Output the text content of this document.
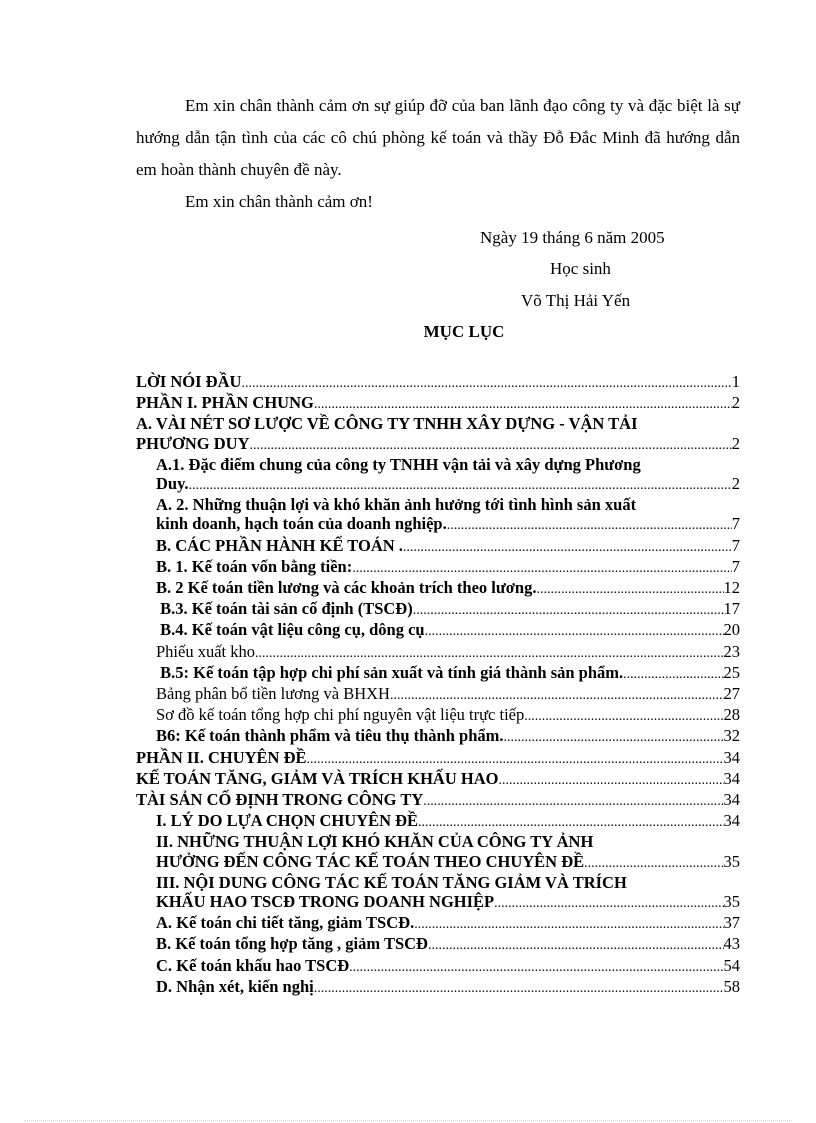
Em xin chân thành cảm ơn sự giúp đỡ của ban lãnh đạo công ty và đặc biệt là sự hướng dẫn tận tình của các cô chú phòng kế toán và thầy Đỗ Đắc Minh đã hướng dẫn em hoàn thành chuyên đề này.

Em xin chân thành cảm ơn!

Ngày 19 tháng 6 năm 2005
Học sinh
Võ Thị Hải Yến
MỤC LỤC
LỜI NÓI ĐẦU .....	1
PHẦN I. PHẦN CHUNG .....	2
A. VÀI NÉT SƠ LƯỢC VỀ CÔNG TY TNHH XÂY DỰNG - VẬN TẢI
PHƯƠNG DUY .....	2
A.1. Đặc điểm chung của công ty TNHH vận tải và xây dựng Phương
Duy. .....	2
A. 2. Những thuận lợi và khó khăn ảnh hưởng tới tình hình sản xuất
kinh doanh, hạch toán của doanh nghiệp. .....	7
B. CÁC PHẦN HÀNH KẾ TOÁN . .....	7
B. 1. Kế toán vốn bằng tiền: .....	7
B. 2 Kế toán tiền lương và các khoản trích theo lương. .....	12
B.3. Kế toán tài sản cố định (TSCĐ) .....	17
B.4. Kế toán vật liệu công cụ, dông cụ .....	20
Phiếu xuất kho .....	23
B.5: Kế toán tập hợp chi phí sản xuất và tính giá thành sản phẩm. .....	25
Bảng phân bổ tiền lương và BHXH .....	27
Sơ đồ kế toán tổng hợp chi phí nguyên vật liệu trực tiếp .....	28
B6: Kế toán thành phẩm và tiêu thụ thành phẩm. .....	32
PHẦN II. CHUYÊN ĐỀ .....	34
KẾ TOÁN TĂNG, GIẢM VÀ TRÍCH KHẤU HAO .....	34
TÀI SẢN CỐ ĐỊNH TRONG CÔNG TY .....	34
I. LÝ DO LỰA CHỌN CHUYÊN ĐỀ .....	34
II. NHỮNG THUẬN LỢI KHÓ KHĂN CỦA CÔNG TY ẢNH
HƯỞNG ĐẾN CÔNG TÁC KẾ TOÁN THEO CHUYÊN ĐỀ .....	35
III. NỘI DUNG CÔNG TÁC KẾ TOÁN TĂNG GIẢM VÀ TRÍCH
KHẤU HAO TSCĐ TRONG DOANH NGHIỆP .....	35
A. Kế toán chi tiết tăng, giảm TSCĐ. .....	37
B. Kế toán tổng hợp tăng , giảm TSCĐ .....	43
C. Kế toán khấu hao TSCĐ .....	54
D. Nhận xét, kiến nghị .....	58
